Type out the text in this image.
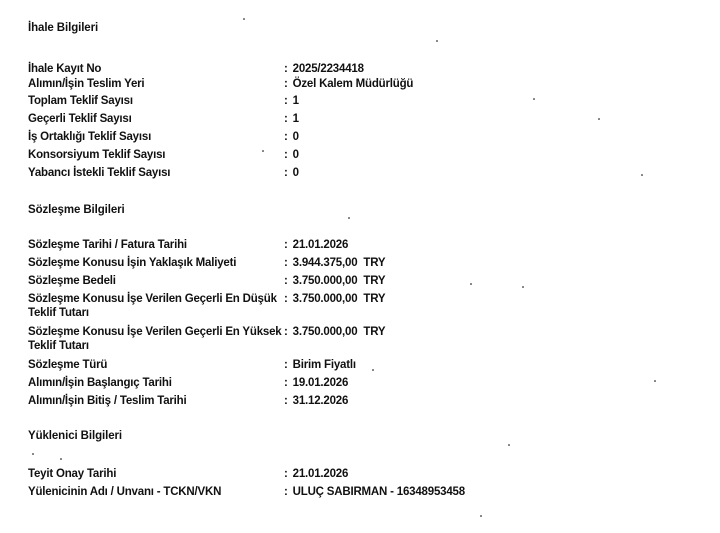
İhale Bilgileri
İhale Kayıt No	: 2025/2234418
Alımın/İşin Teslim Yeri	: Özel Kalem Müdürlüğü
Toplam Teklif Sayısı	: 1
Geçerli Teklif Sayısı	: 1
İş Ortaklığı Teklif Sayısı	: 0
Konsorsiyum Teklif Sayısı	: 0
Yabancı İstekli Teklif Sayısı	: 0
Sözleşme Bilgileri
Sözleşme Tarihi / Fatura Tarihi	: 21.01.2026
Sözleşme Konusu İşin Yaklaşık Maliyeti	: 3.944.375,00 TRY
Sözleşme Bedeli	: 3.750.000,00 TRY
Sözleşme Konusu İşe Verilen Geçerli En Düşük Teklif Tutarı
: 3.750.000,00 TRY
Sözleşme Konusu İşe Verilen Geçerli En Yüksek Teklif Tutarı
: 3.750.000,00 TRY
Sözleşme Türü	: Birim Fiyatlı
Alımın/İşin Başlangıç Tarihi	: 19.01.2026
Alımın/İşin Bitiş / Teslim Tarihi	: 31.12.2026
Yüklenici Bilgileri
Teyit Onay Tarihi	: 21.01.2026
Yülenicinin Adı / Unvanı - TCKN/VKN	: ULUÇ SABIRMAN - 16348953458
